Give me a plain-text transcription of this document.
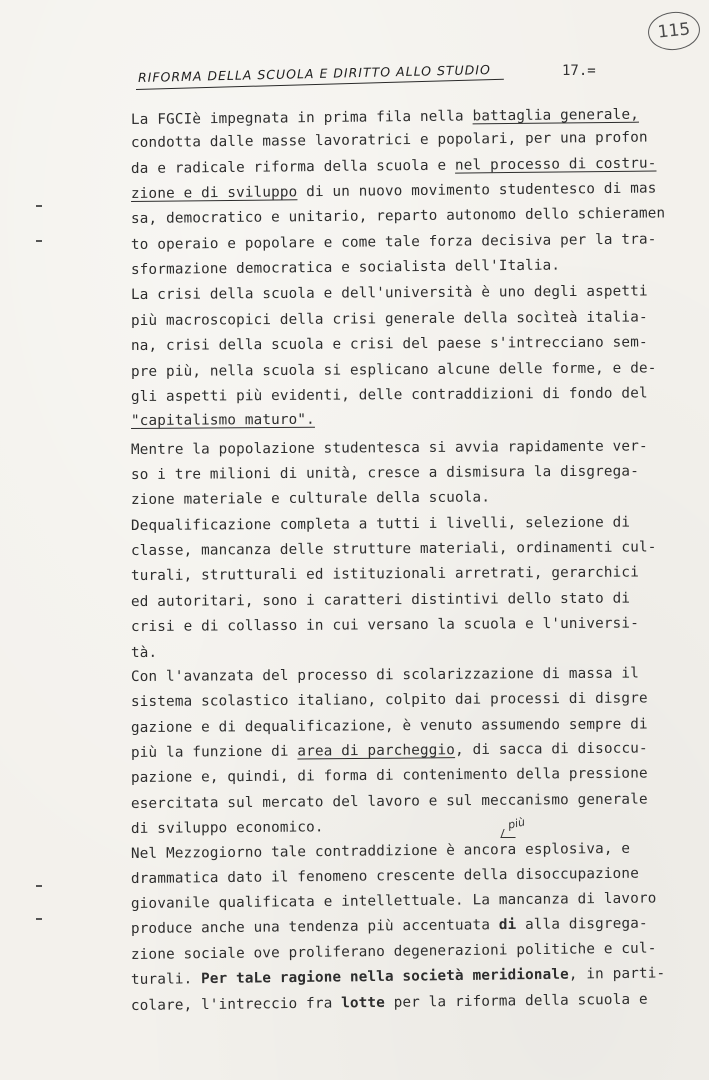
115
RIFORMA DELLA SCUOLA E DIRITTO ALLO STUDIO	17.=
La FGCIè impegnata in prima fila nella battaglia generale,
condotta dalle masse lavoratrici e popolari, per una profon
da e radicale riforma della scuola e nel processo di costru-
zione e di sviluppo di un nuovo movimento studentesco di mas
sa, democratico e unitario, reparto autonomo dello schieramen
to operaio e popolare e come tale forza decisiva per la tra-
sformazione democratica e socialista dell'Italia.
La crisi della scuola e dell'università è uno degli aspetti
più macroscopici della crisi generale della socìteà italia-
na, crisi della scuola e crisi del paese s'intrecciano sem-
pre più, nella scuola si esplicano alcune delle forme, e de-
gli aspetti più evidenti, delle contraddizioni di fondo del
"capitalismo maturo".
Mentre la popolazione studentesca si avvia rapidamente ver-
so i tre milioni di unità, cresce a dismisura la disgrega-
zione materiale e culturale della scuola.
Dequalificazione completa a tutti i livelli, selezione di
classe, mancanza delle strutture materiali, ordinamenti cul-
turali, strutturali ed istituzionali arretrati, gerarchici
ed autoritari, sono i caratteri distintivi dello stato di
crisi e di collasso in cui versano la scuola e l'universi-
tà.
Con l'avanzata del processo di scolarizzazione di massa il
sistema scolastico italiano, colpito dai processi di disgre
gazione e di dequalificazione, è venuto assumendo sempre di
più la funzione di area di parcheggio, di sacca di disoccu-
pazione e, quindi, di forma di contenimento della pressione
esercitata sul mercato del lavoro e sul meccanismo generale
di sviluppo economico.
Nel Mezzogiorno tale contraddizione è ancora esplosiva, e
drammatica dato il fenomeno crescente della disoccupazione
giovanile qualificata e intellettuale. La mancanza di lavoro
produce anche una tendenza più accentuata di alla disgrega-
zione sociale ove proliferano degenerazioni politiche e cul-
turali. Per taLe ragione nella società meridionale, in parti-
colare, l'intreccio fra lotte per la riforma della scuola e
più
